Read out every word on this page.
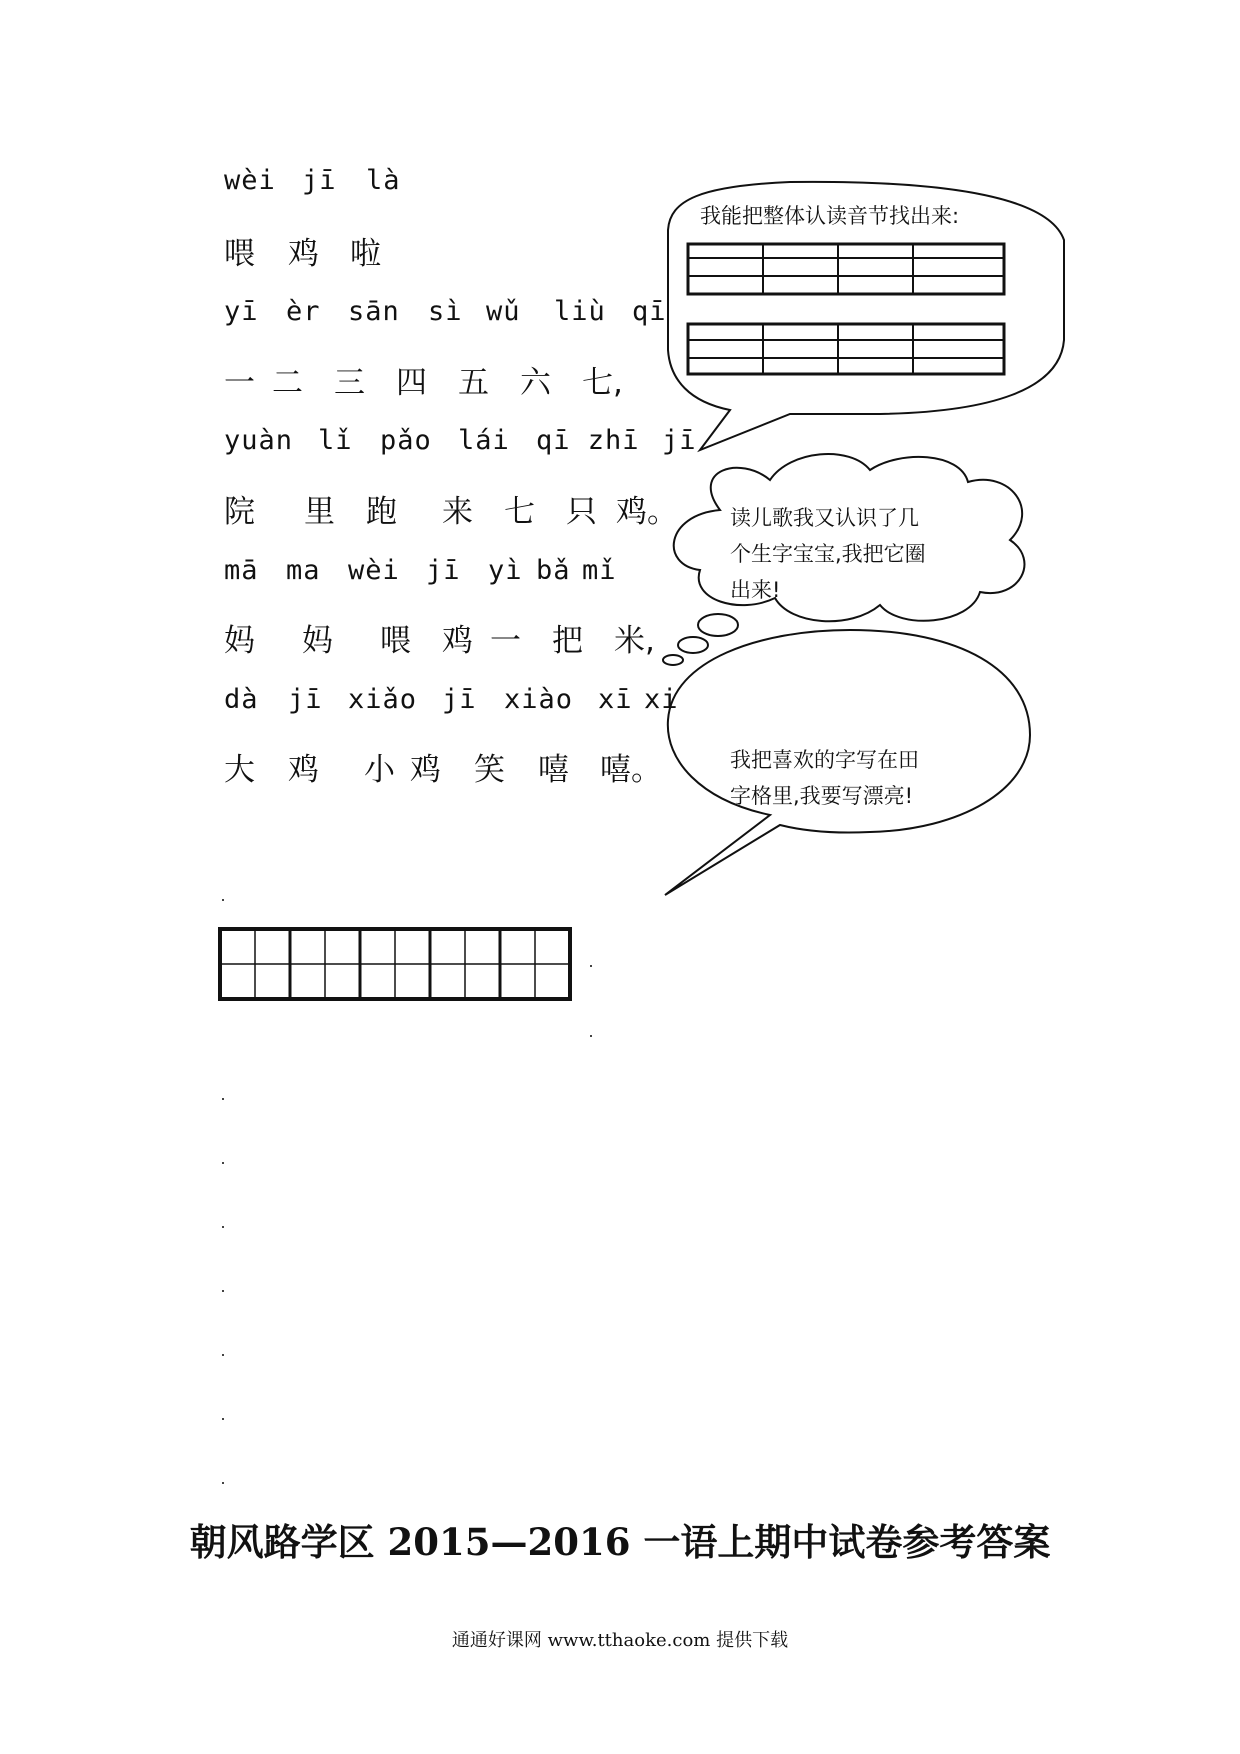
wèi jī là
喂 鸡 啦
yī èr sān sì wǔ liù qī
一 二 三 四 五 六 七,
yuàn lǐ pǎo lái qī zhī jī
院 里 跑 来 七 只 鸡。
mā ma wèi jī yì bǎ mǐ
妈 妈 喂 鸡 一 把 米,
dà jī xiǎo jī xiào xī xi
大 鸡 小 鸡 笑 嘻 嘻。
我能把整体认读音节找出来:
读儿歌我又认识了几
个生字宝宝,我把它圈
出来!
我把喜欢的字写在田
字格里,我要写漂亮!
朝风路学区 2015—2016 一语上期中试卷参考答案
通通好课网 www.tthaoke.com 提供下载
